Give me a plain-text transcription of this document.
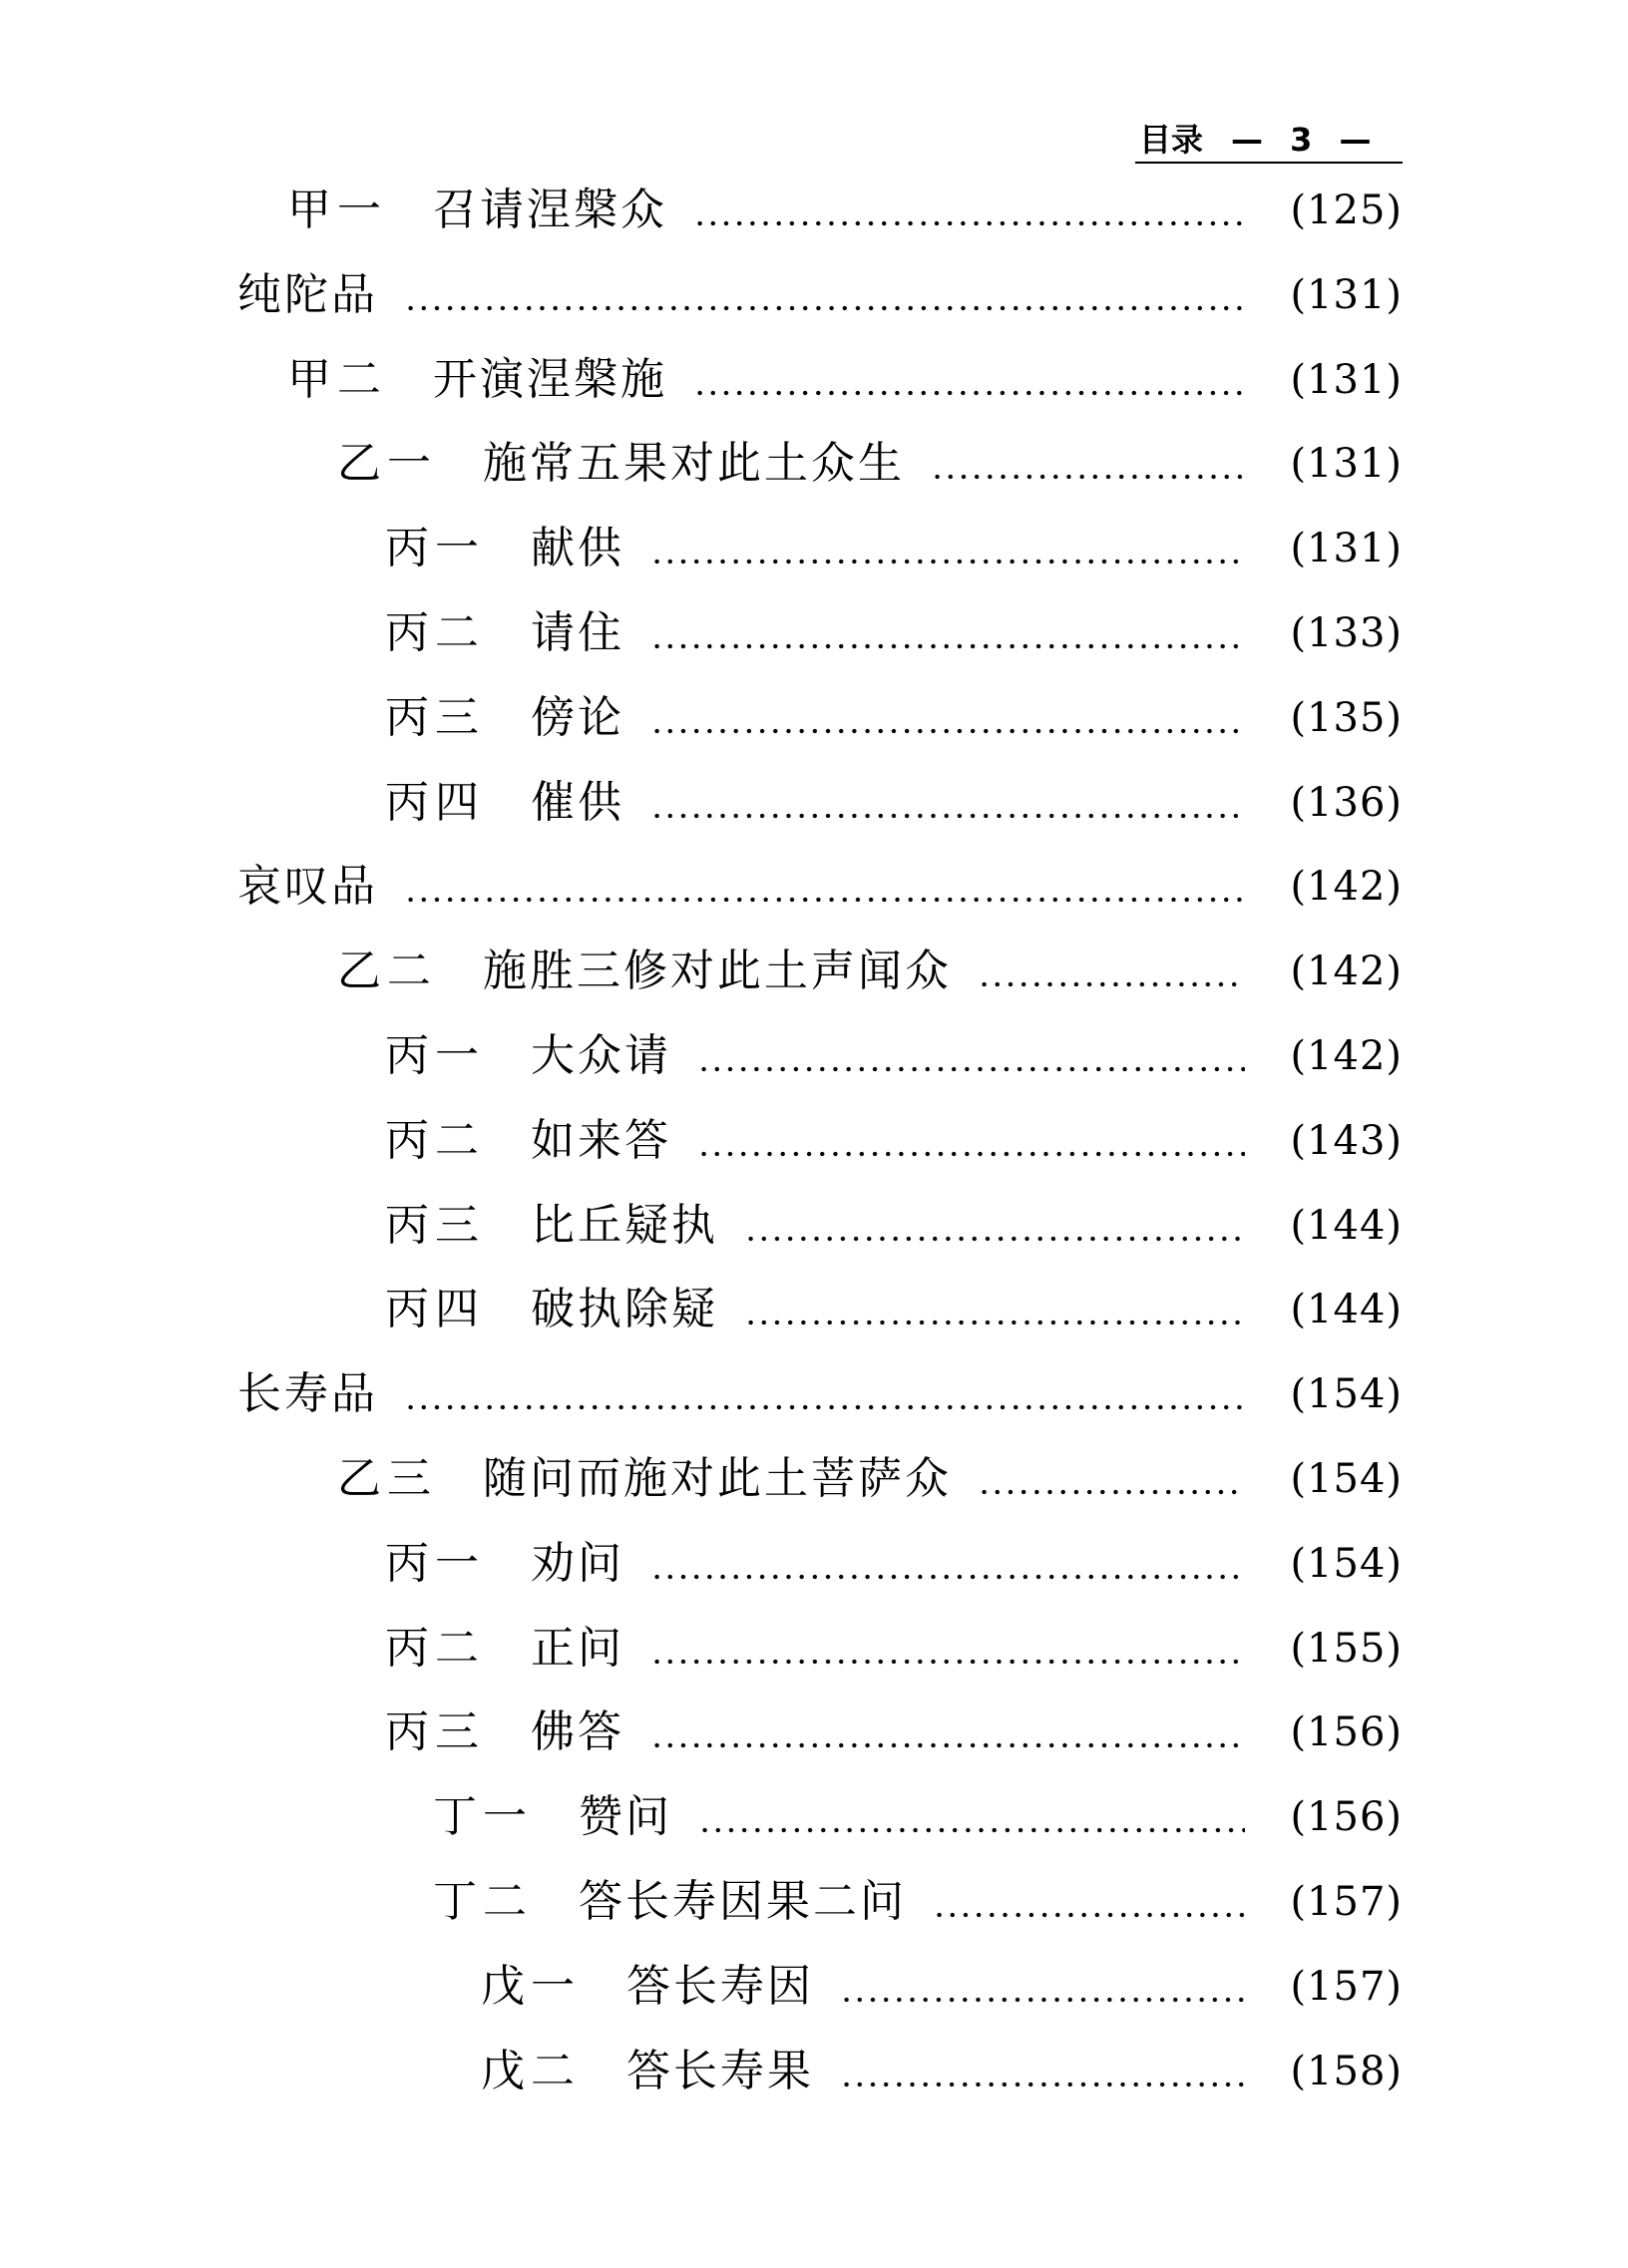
目录 — 3 —
甲一 召请涅槃众	(125)
纯陀品	(131)
甲二 开演涅槃施	(131)
乙一 施常五果对此土众生	(131)
丙一 献供	(131)
丙二 请住	(133)
丙三 傍论	(135)
丙四 催供	(136)
哀叹品	(142)
乙二 施胜三修对此土声闻众	(142)
丙一 大众请	(142)
丙二 如来答	(143)
丙三 比丘疑执	(144)
丙四 破执除疑	(144)
长寿品	(154)
乙三 随问而施对此土菩萨众	(154)
丙一 劝问	(154)
丙二 正问	(155)
丙三 佛答	(156)
丁一 赞问	(156)
丁二 答长寿因果二问	(157)
戊一 答长寿因	(157)
戊二 答长寿果	(158)
